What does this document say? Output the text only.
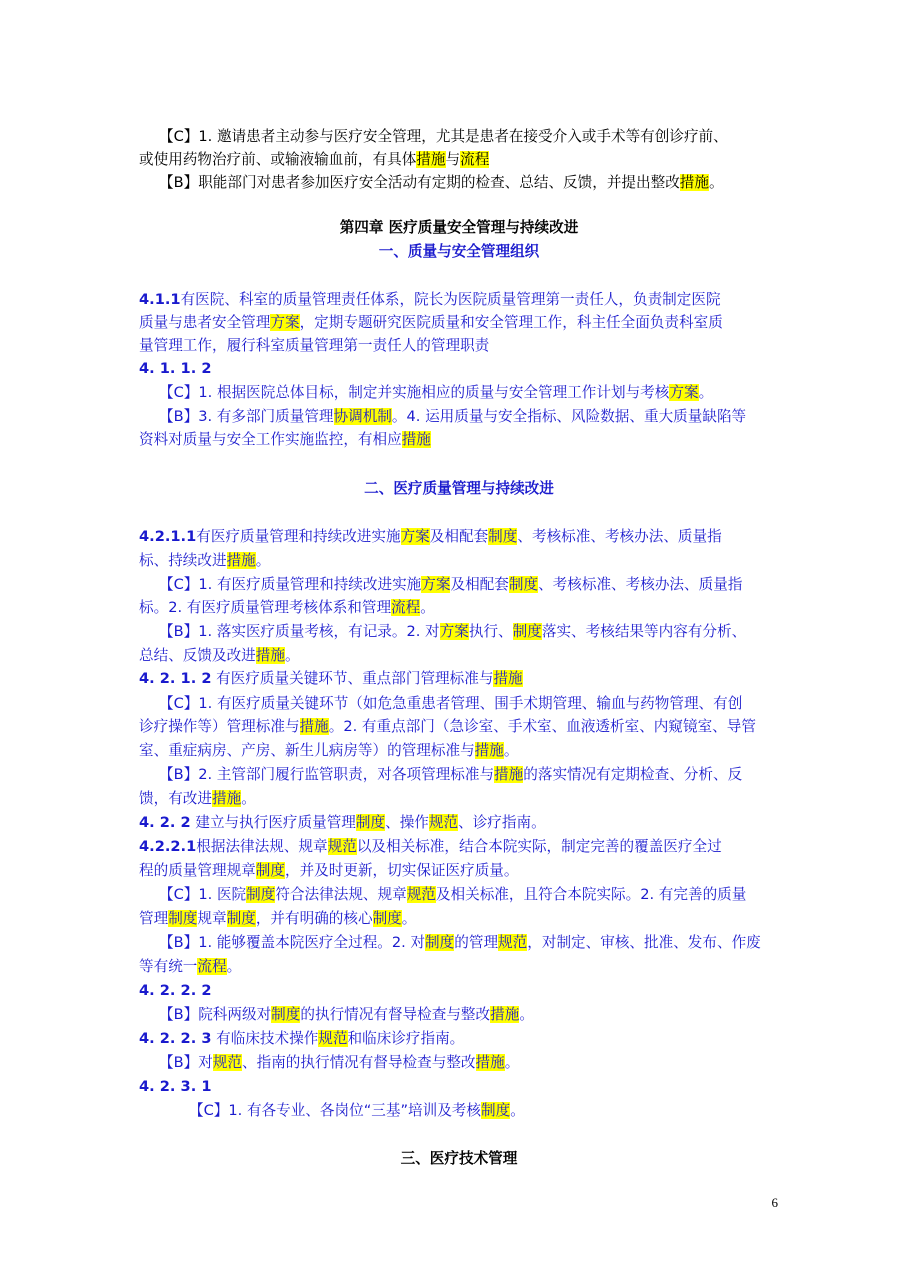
【C】1. 邀请患者主动参与医疗安全管理，尤其是患者在接受介入或手术等有创诊疗前、
或使用药物治疗前、或输液输血前，有具体措施与流程
【B】职能部门对患者参加医疗安全活动有定期的检查、总结、反馈，并提出整改措施。
第四章 医疗质量安全管理与持续改进
一、质量与安全管理组织
4.1.1有医院、科室的质量管理责任体系，院长为医院质量管理第一责任人，负责制定医院
质量与患者安全管理方案，定期专题研究医院质量和安全管理工作，科主任全面负责科室质
量管理工作，履行科室质量管理第一责任人的管理职责
4. 1. 1. 2
【C】1. 根据医院总体目标，制定并实施相应的质量与安全管理工作计划与考核方案。
【B】3. 有多部门质量管理协调机制。4. 运用质量与安全指标、风险数据、重大质量缺陷等
资料对质量与安全工作实施监控，有相应措施
二、医疗质量管理与持续改进
4.2.1.1有医疗质量管理和持续改进实施方案及相配套制度、考核标准、考核办法、质量指
标、持续改进措施。
【C】1. 有医疗质量管理和持续改进实施方案及相配套制度、考核标准、考核办法、质量指
标。2. 有医疗质量管理考核体系和管理流程。
【B】1. 落实医疗质量考核，有记录。2. 对方案执行、制度落实、考核结果等内容有分析、
总结、反馈及改进措施。
4. 2. 1. 2 有医疗质量关键环节、重点部门管理标准与措施
【C】1. 有医疗质量关键环节（如危急重患者管理、围手术期管理、输血与药物管理、有创
诊疗操作等）管理标准与措施。2. 有重点部门（急诊室、手术室、血液透析室、内窥镜室、导管
室、重症病房、产房、新生儿病房等）的管理标准与措施。
【B】2. 主管部门履行监管职责，对各项管理标准与措施的落实情况有定期检查、分析、反
馈，有改进措施。
4. 2. 2 建立与执行医疗质量管理制度、操作规范、诊疗指南。
4.2.2.1根据法律法规、规章规范以及相关标准，结合本院实际，制定完善的覆盖医疗全过
程的质量管理规章制度，并及时更新，切实保证医疗质量。
【C】1. 医院制度符合法律法规、规章规范及相关标准，且符合本院实际。2. 有完善的质量
管理制度规章制度，并有明确的核心制度。
【B】1. 能够覆盖本院医疗全过程。2. 对制度的管理规范，对制定、审核、批准、发布、作废
等有统一流程。
4. 2. 2. 2
【B】院科两级对制度的执行情况有督导检查与整改措施。
4. 2. 2. 3 有临床技术操作规范和临床诊疗指南。
【B】对规范、指南的执行情况有督导检查与整改措施。
4. 2. 3. 1
【C】1. 有各专业、各岗位“三基”培训及考核制度。
三、医疗技术管理
6
